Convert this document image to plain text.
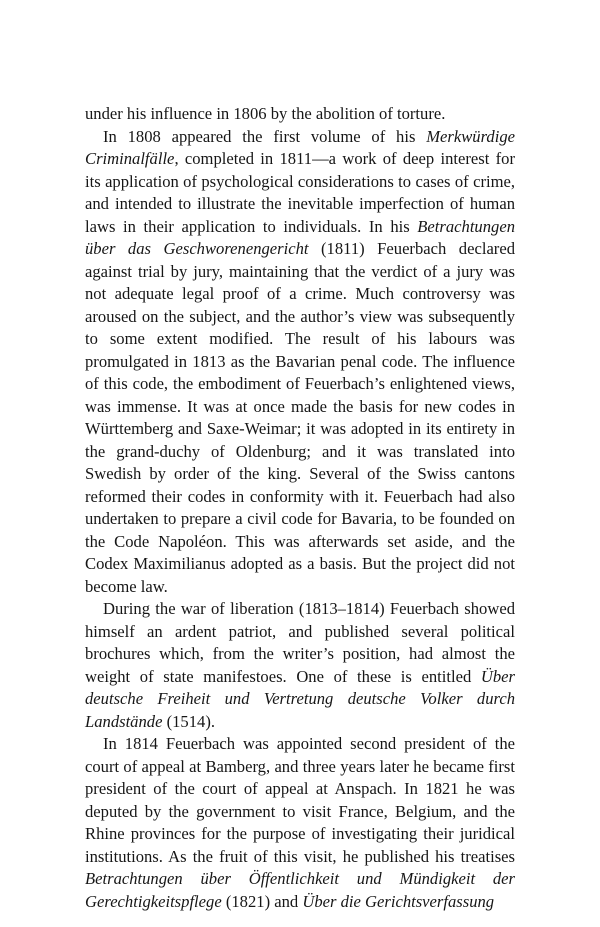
under his influence in 1806 by the abolition of torture.

In 1808 appeared the first volume of his Merkwürdige Criminalfälle, completed in 1811—a work of deep interest for its application of psychological considerations to cases of crime, and intended to illustrate the inevitable imperfection of human laws in their application to individuals. In his Betrachtungen über das Geschworenengericht (1811) Feuerbach declared against trial by jury, maintaining that the verdict of a jury was not adequate legal proof of a crime. Much controversy was aroused on the subject, and the author’s view was subsequently to some extent modified. The result of his labours was promulgated in 1813 as the Bavarian penal code. The influence of this code, the embodiment of Feuerbach’s enlightened views, was immense. It was at once made the basis for new codes in Württemberg and Saxe-Weimar; it was adopted in its entirety in the grand-duchy of Oldenburg; and it was translated into Swedish by order of the king. Several of the Swiss cantons reformed their codes in conformity with it. Feuerbach had also undertaken to prepare a civil code for Bavaria, to be founded on the Code Napoléon. This was afterwards set aside, and the Codex Maximilianus adopted as a basis. But the project did not become law.

During the war of liberation (1813–1814) Feuerbach showed himself an ardent patriot, and published several political brochures which, from the writer’s position, had almost the weight of state manifestoes. One of these is entitled Über deutsche Freiheit und Vertretung deutsche Volker durch Landstände (1514).

In 1814 Feuerbach was appointed second president of the court of appeal at Bamberg, and three years later he became first president of the court of appeal at Anspach. In 1821 he was deputed by the government to visit France, Belgium, and the Rhine provinces for the purpose of investigating their juridical institutions. As the fruit of this visit, he published his treatises Betrachtungen über Öffentlichkeit und Mündigkeit der Gerechtigkeitspflege (1821) and Über die Gerichtsverfassung
